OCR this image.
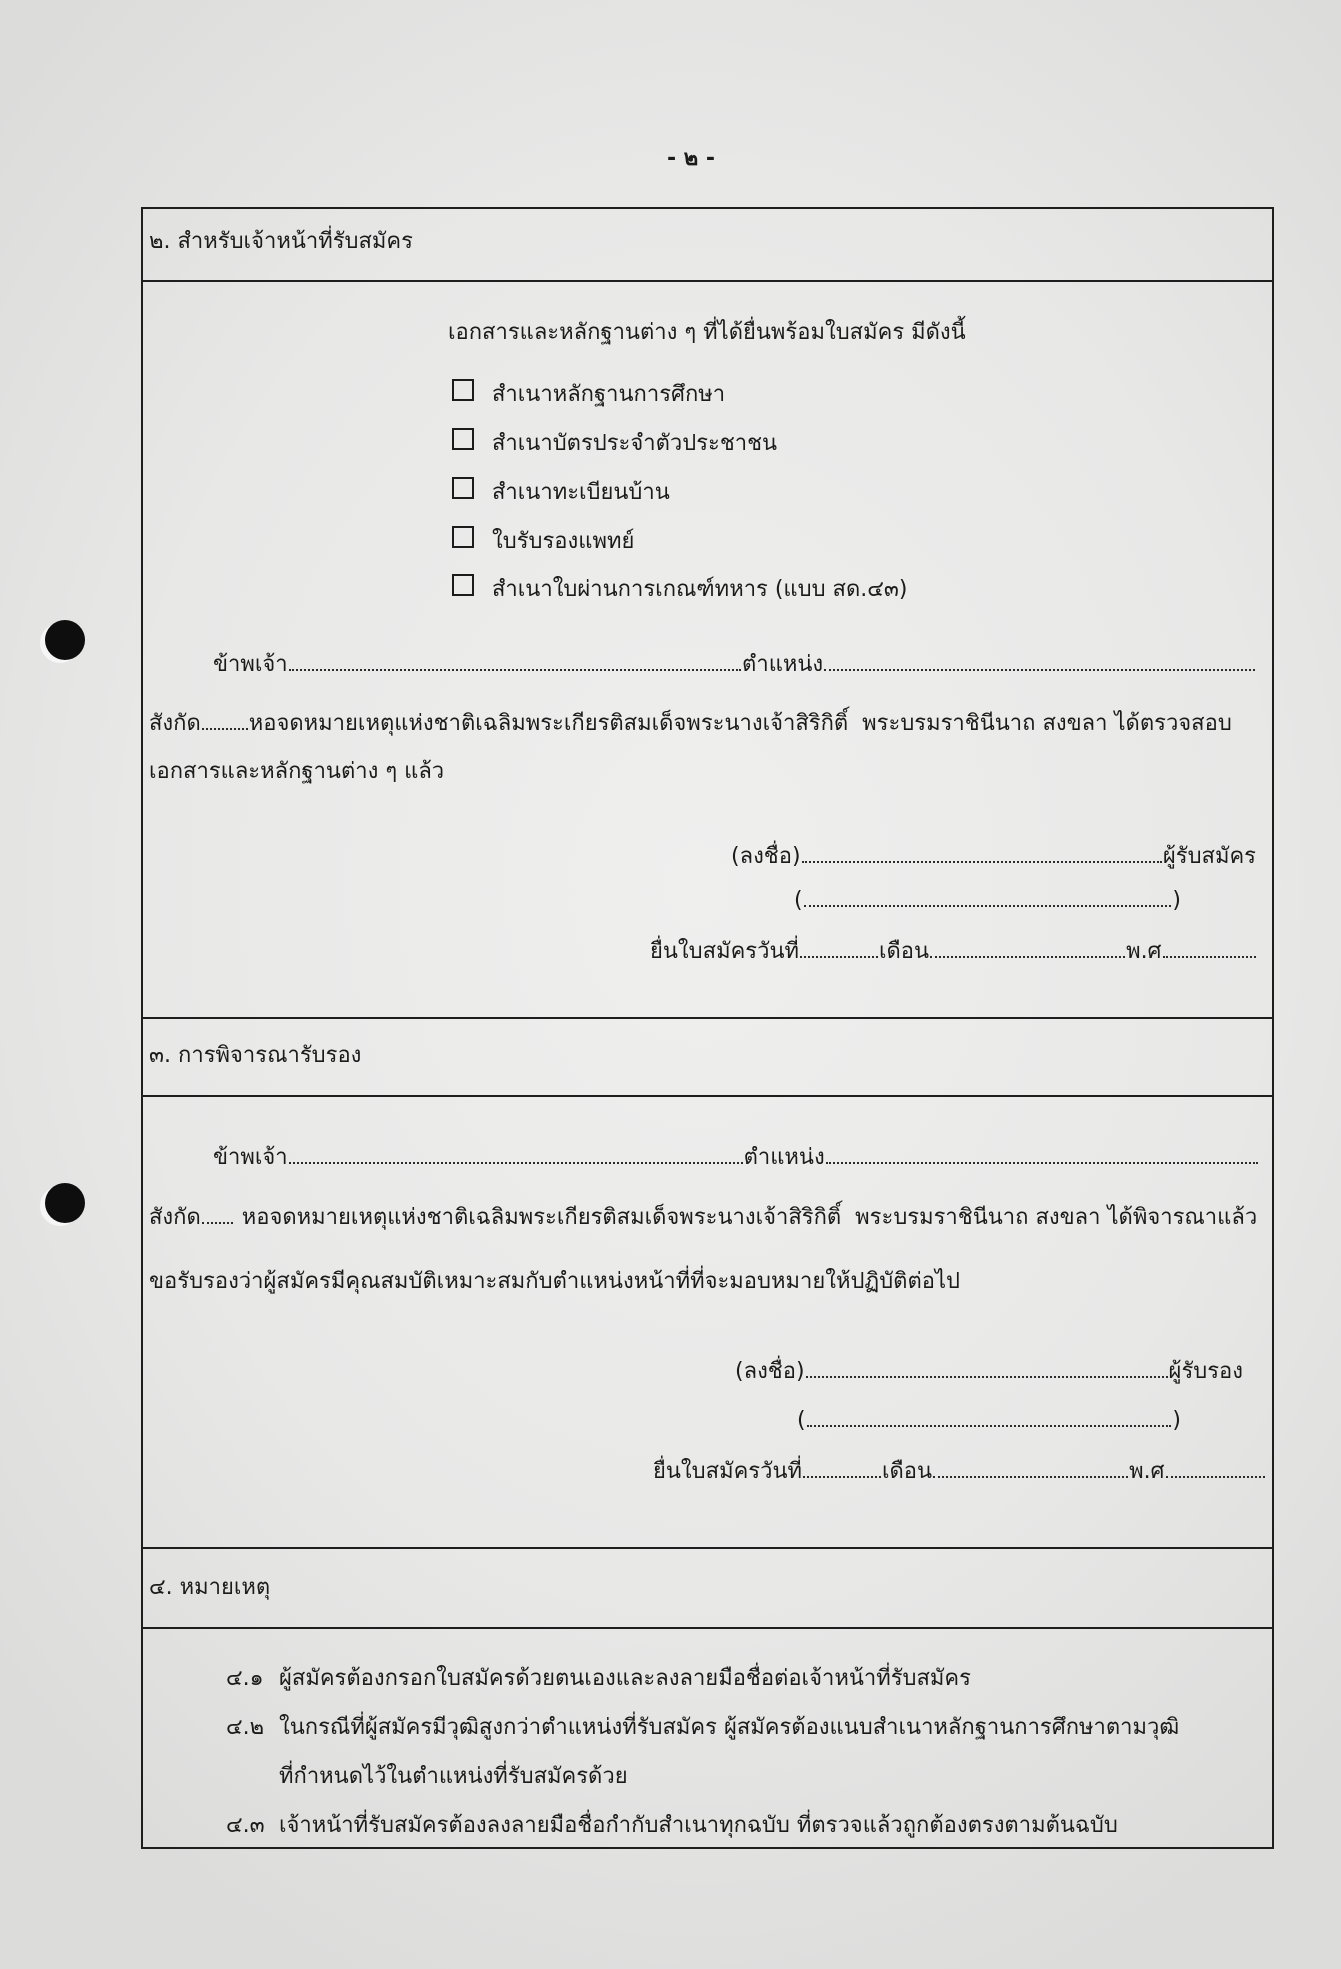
- ๒ -
๒. สำหรับเจ้าหน้าที่รับสมัคร
เอกสารและหลักฐานต่าง ๆ ที่ได้ยื่นพร้อมใบสมัคร มีดังนี้
สำเนาหลักฐานการศึกษา
สำเนาบัตรประจำตัวประชาชน
สำเนาทะเบียนบ้าน
ใบรับรองแพทย์
สำเนาใบผ่านการเกณฑ์ทหาร (แบบ สด.๔๓)
ข้าพเจ้า	ตำแหน่ง
สังกัด หอจดหมายเหตุแห่งชาติเฉลิมพระเกียรติสมเด็จพระนางเจ้าสิริกิติ์  พระบรมราชินีนาถ สงขลา ได้ตรวจสอบ
เอกสารและหลักฐานต่าง ๆ แล้ว
(ลงชื่อ)	ผู้รับสมัคร
(	)
ยื่นใบสมัครวันที่	เดือน	พ.ศ
๓. การพิจารณารับรอง
ข้าพเจ้า	ตำแหน่ง
สังกัด หอจดหมายเหตุแห่งชาติเฉลิมพระเกียรติสมเด็จพระนางเจ้าสิริกิติ์  พระบรมราชินีนาถ สงขลา ได้พิจารณาแล้ว
ขอรับรองว่าผู้สมัครมีคุณสมบัติเหมาะสมกับตำแหน่งหน้าที่ที่จะมอบหมายให้ปฏิบัติต่อไป
(ลงชื่อ)	ผู้รับรอง
(	)
ยื่นใบสมัครวันที่	เดือน	พ.ศ
๔. หมายเหตุ
๔.๑ ผู้สมัครต้องกรอกใบสมัครด้วยตนเองและลงลายมือชื่อต่อเจ้าหน้าที่รับสมัคร
๔.๒ ในกรณีที่ผู้สมัครมีวุฒิสูงกว่าตำแหน่งที่รับสมัคร ผู้สมัครต้องแนบสำเนาหลักฐานการศึกษาตามวุฒิ
ที่กำหนดไว้ในตำแหน่งที่รับสมัครด้วย
๔.๓ เจ้าหน้าที่รับสมัครต้องลงลายมือชื่อกำกับสำเนาทุกฉบับ ที่ตรวจแล้วถูกต้องตรงตามต้นฉบับ
